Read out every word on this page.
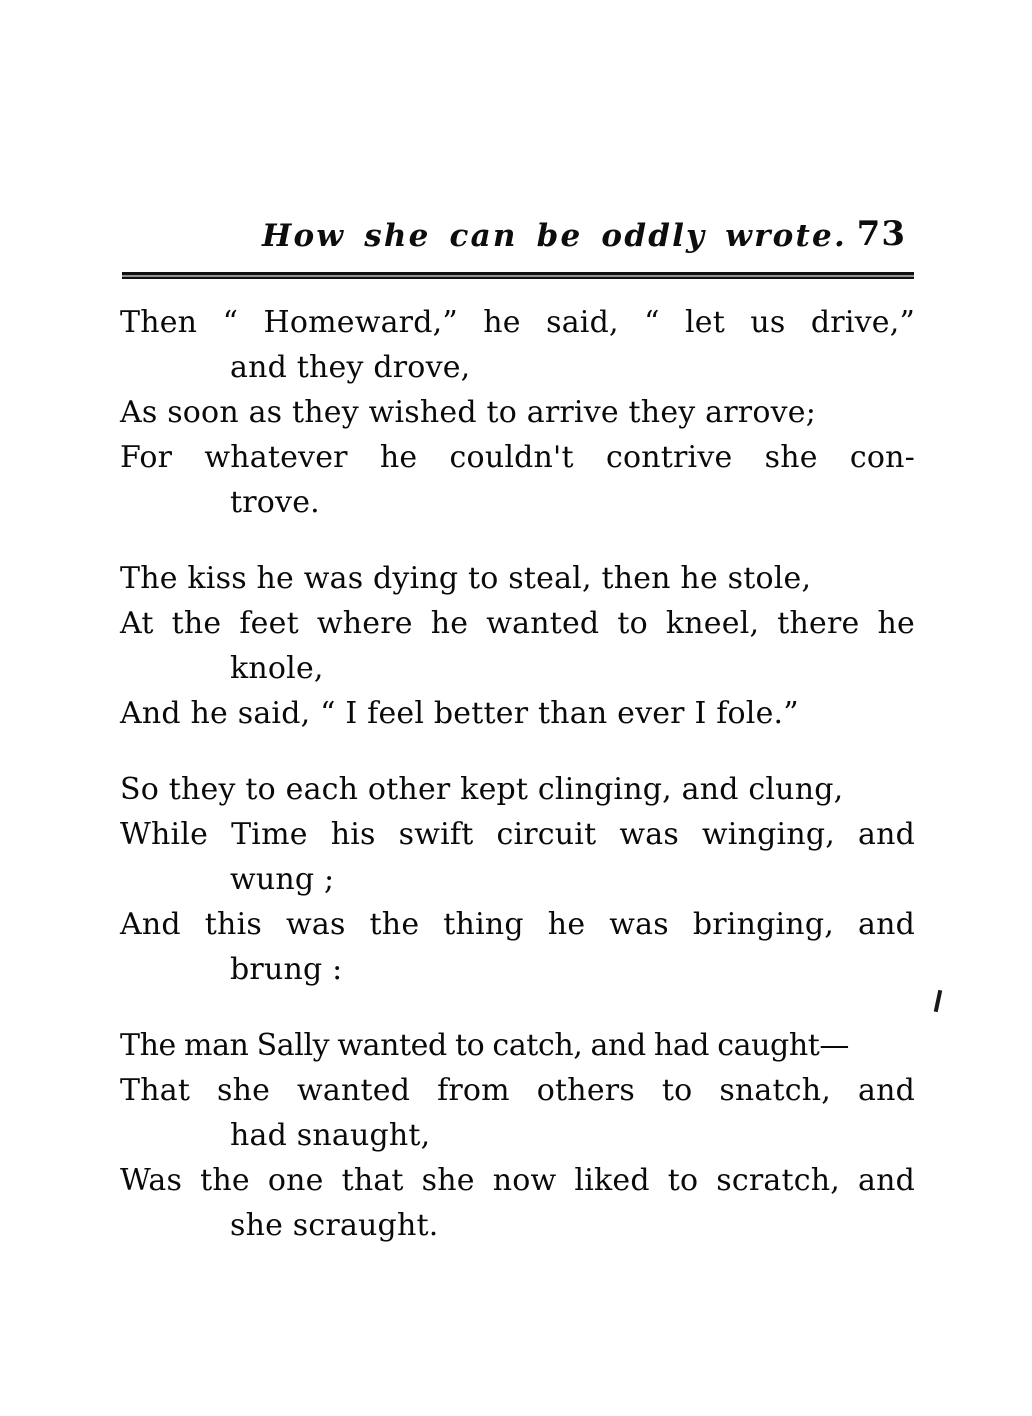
How she can be oddly wrote. 73
Then “ Homeward,” he said, “ let us drive,”
and they drove,
As soon as they wished to arrive they arrove;
For whatever he couldn't contrive she con-
trove.
The kiss he was dying to steal, then he stole,
At the feet where he wanted to kneel, there he
knole,
And he said, “ I feel better than ever I fole.”
So they to each other kept clinging, and clung,
While Time his swift circuit was winging, and
wung ;
And this was the thing he was bringing, and
brung :
The man Sally wanted to catch, and had caught—
That she wanted from others to snatch, and
had snaught,
Was the one that she now liked to scratch, and
she scraught.
